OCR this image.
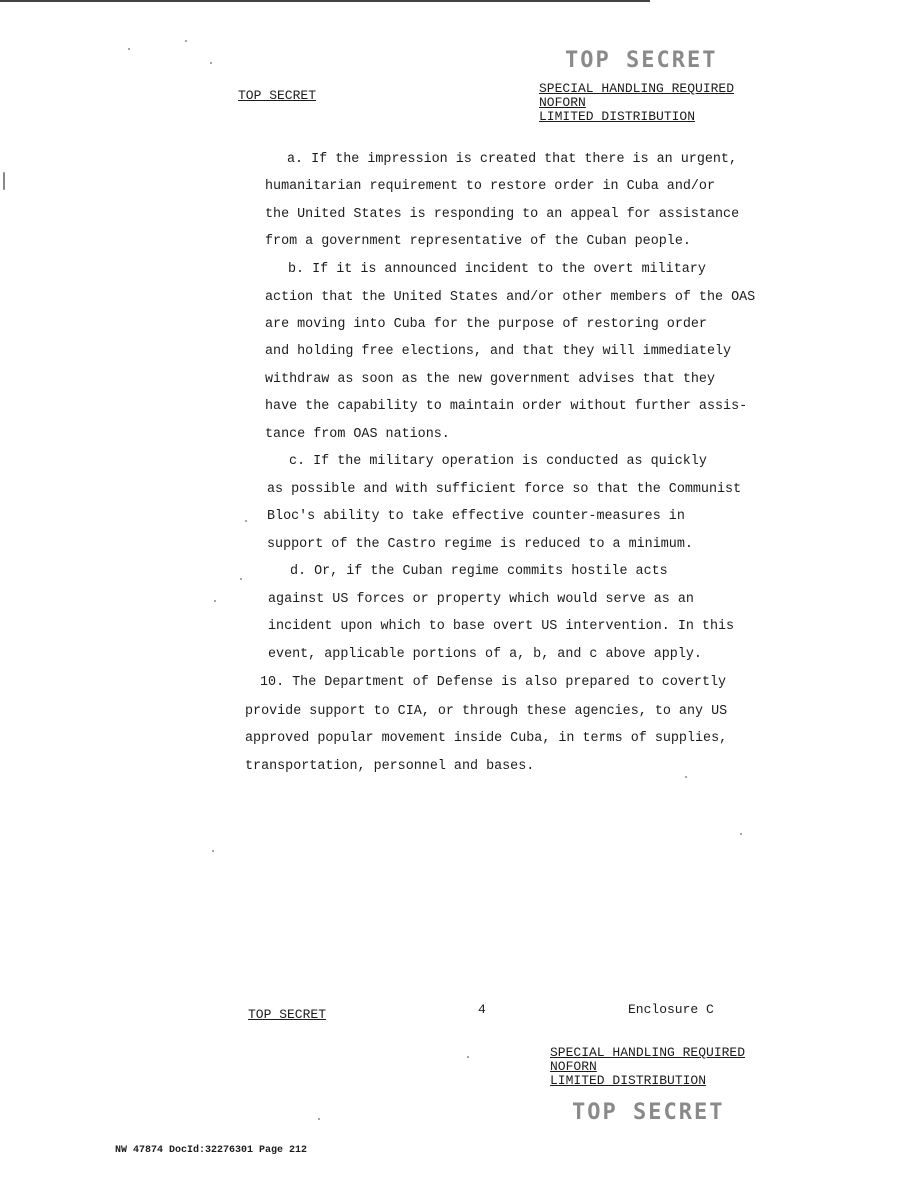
TOP SECRET
TOP SECRET	SPECIAL HANDLING REQUIRED
NOFORN
LIMITED DISTRIBUTION
a. If the impression is created that there is an urgent,
humanitarian requirement to restore order in Cuba and/or
the United States is responding to an appeal for assistance
from a government representative of the Cuban people.
b. If it is announced incident to the overt military
action that the United States and/or other members of the OAS
are moving into Cuba for the purpose of restoring order
and holding free elections, and that they will immediately
withdraw as soon as the new government advises that they
have the capability to maintain order without further assis-
tance from OAS nations.
c. If the military operation is conducted as quickly
as possible and with sufficient force so that the Communist
Bloc's ability to take effective counter-measures in
support of the Castro regime is reduced to a minimum.
d. Or, if the Cuban regime commits hostile acts
against US forces or property which would serve as an
incident upon which to base overt US intervention. In this
event, applicable portions of a, b, and c above apply.
10. The Department of Defense is also prepared to covertly
provide support to CIA, or through these agencies, to any US
approved popular movement inside Cuba, in terms of supplies,
transportation, personnel and bases.
TOP SECRET	4	Enclosure C
SPECIAL HANDLING REQUIRED
NOFORN
LIMITED DISTRIBUTION
TOP SECRET
NW 47874 DocId:32276301 Page 212
